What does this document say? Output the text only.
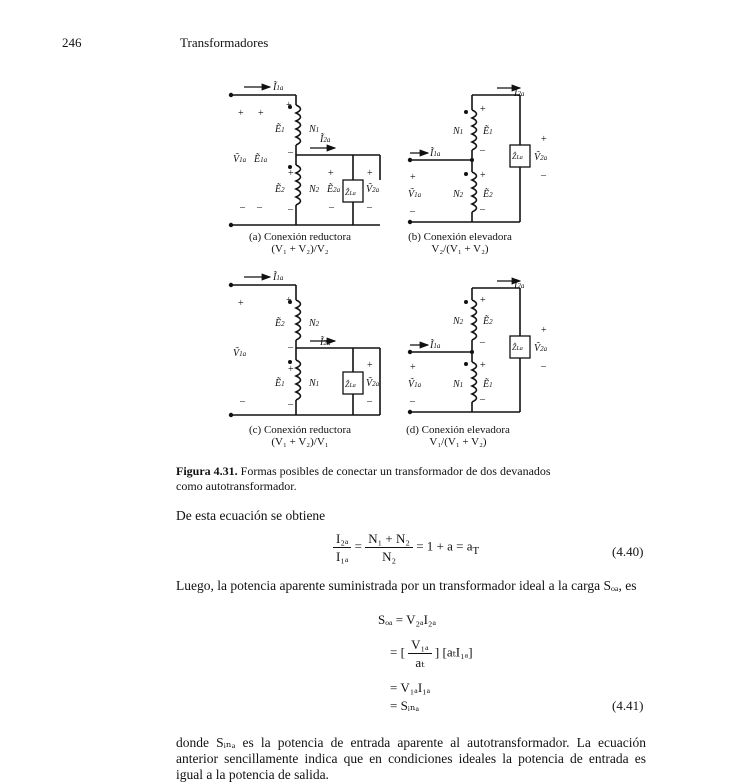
246	Transformadores
Ĩ1a
Ĩ2a
Ẽ1 N1
Ẽ2 N2
Ṽ1a Ẽ1a
Ẽ2a ẐLa Ṽ2a
+ +
+
–
+
–
+	+
– –	–	–
(a) Conexión reductora
(V₁ + V₂)/V₂
Ĩ2a
Ĩ1a
N1 Ẽ1
N2 Ẽ2
Ṽ1a
ẐLa Ṽ2a
+
–
+
–
+
–
+
–
(b) Conexión elevadora
V₂/(V₁ + V₂)
Ĩ1a
Ĩ2a
Ẽ2 N2
Ẽ1 N1
Ṽ1a
ẐLa Ṽ2a
+	+
–
+
–
+
–
–
(c) Conexión reductora
(V₁ + V₂)/V₁
Ĩ2a
Ĩ1a
N2 Ẽ2
N1 Ẽ1
Ṽ1a
ẐLa Ṽ2a
+
–
+
–
+
–
+
–
(d) Conexión elevadora
V₁/(V₁ + V₂)
Figura 4.31. Formas posibles de conectar un transformador de dos devanados como autotransformador.
De esta ecuación se obtiene
$\frac{\text{I₂ₐ}}{\text{I₁ₐ}} = \frac{\text{N₁ + N₂}}{\text{N₂}} = 1 + a = a_T$	(4.40)
Luego, la potencia aparente suministrada por un transformador ideal a la carga Sₒₐ, es
Sₒₐ = V₂ₐI₂ₐ
= [ $\frac{\text{V₁ₐ}}{\text{aₜ}}$ ] [aₜI₁ₐ]
= V₁ₐI₁ₐ
= Sᵢₙₐ	(4.41)
donde Sᵢₙₐ es la potencia de entrada aparente al autotransformador. La ecuación anterior sencillamente indica que en condiciones ideales la potencia de entrada es igual a la potencia de salida.
